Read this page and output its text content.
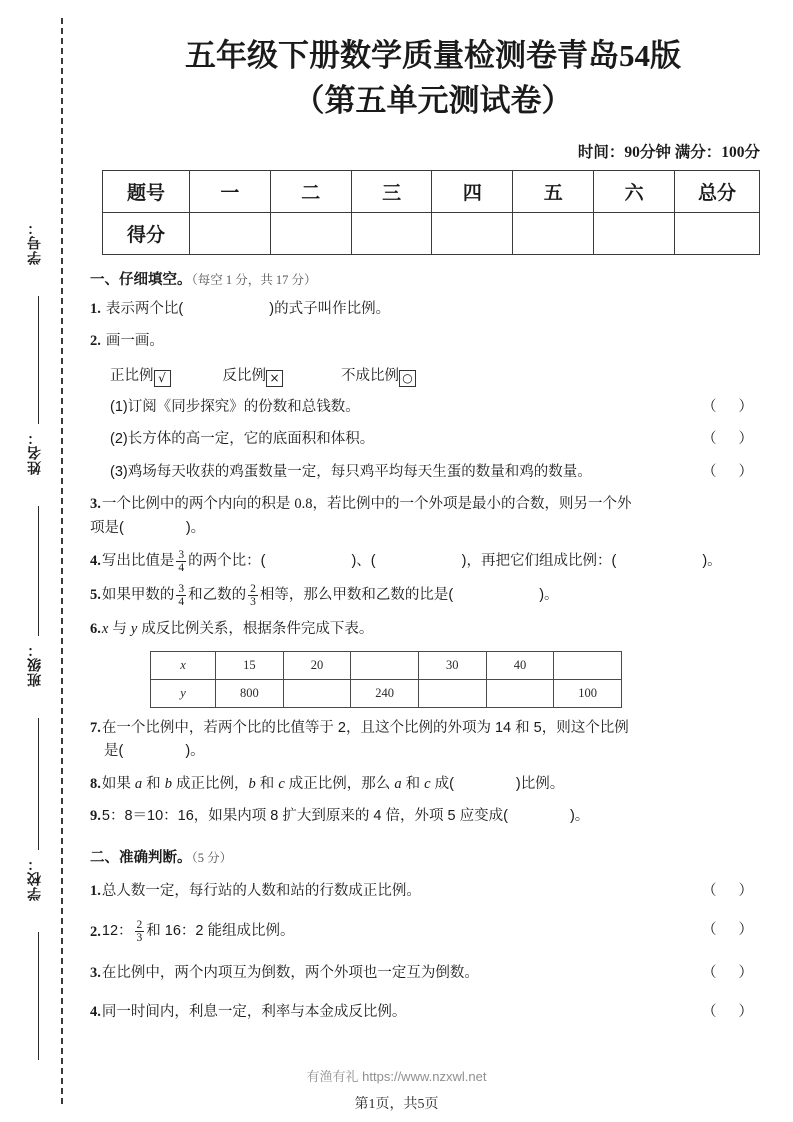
学号：
姓名：
班级：
学校：
五年级下册数学质量检测卷青岛54版
（第五单元测试卷）
时间：90分钟 满分：100分
题号	一	二	三	四	五	六	总分
得分							
一、仔细填空。（每空 1 分，共 17 分）
1. 表示两个比(	)的式子叫作比例。
2. 画一画。
正比例 √	反比例 ×	不成比例 ○
（ ）
(1)订阅《同步探究》的份数和总钱数。
（ ）
(2)长方体的高一定，它的底面积和体积。
（ ）
(3)鸡场每天收获的鸡蛋数量一定，每只鸡平均每天生蛋的数量和鸡的数量。
3.一个比例中的两个内向的积是 0.8，若比例中的一个外项是最小的合数，则另一个外
项是(	)。
4.写出比值是 $\frac{3}{4}$ 的两个比：(	)、(	)，再把它们组成比例：(	)。
5.如果甲数的 $\frac{3}{4}$ 和乙数的 $\frac{2}{3}$ 相等，那么甲数和乙数的比是(	)。
6.x 与 y 成反比例关系，根据条件完成下表。
x	15	20		30	40	
y	800		240			100
7.在一个比例中，若两个比的比值等于 2，且这个比例的外项为 14 和 5，则这个比例
是(	)。
8.如果 a 和 b 成正比例，b 和 c 成正比例，那么 a 和 c 成(	)比例。
9.5：8＝10：16，如果内项 8 扩大到原来的 4 倍，外项 5 应变成(	)。
二、准确判断。（5 分）
（ ）
1.总人数一定，每行站的人数和站的行数成正比例。
（ ）
2.12： $\frac{2}{3}$ 和 16：2 能组成比例。
（ ）
3.在比例中，两个内项互为倒数，两个外项也一定互为倒数。
（ ）
4.同一时间内，利息一定，利率与本金成反比例。
有渔有礼 https://www.nzxwl.net
第1页，共5页
